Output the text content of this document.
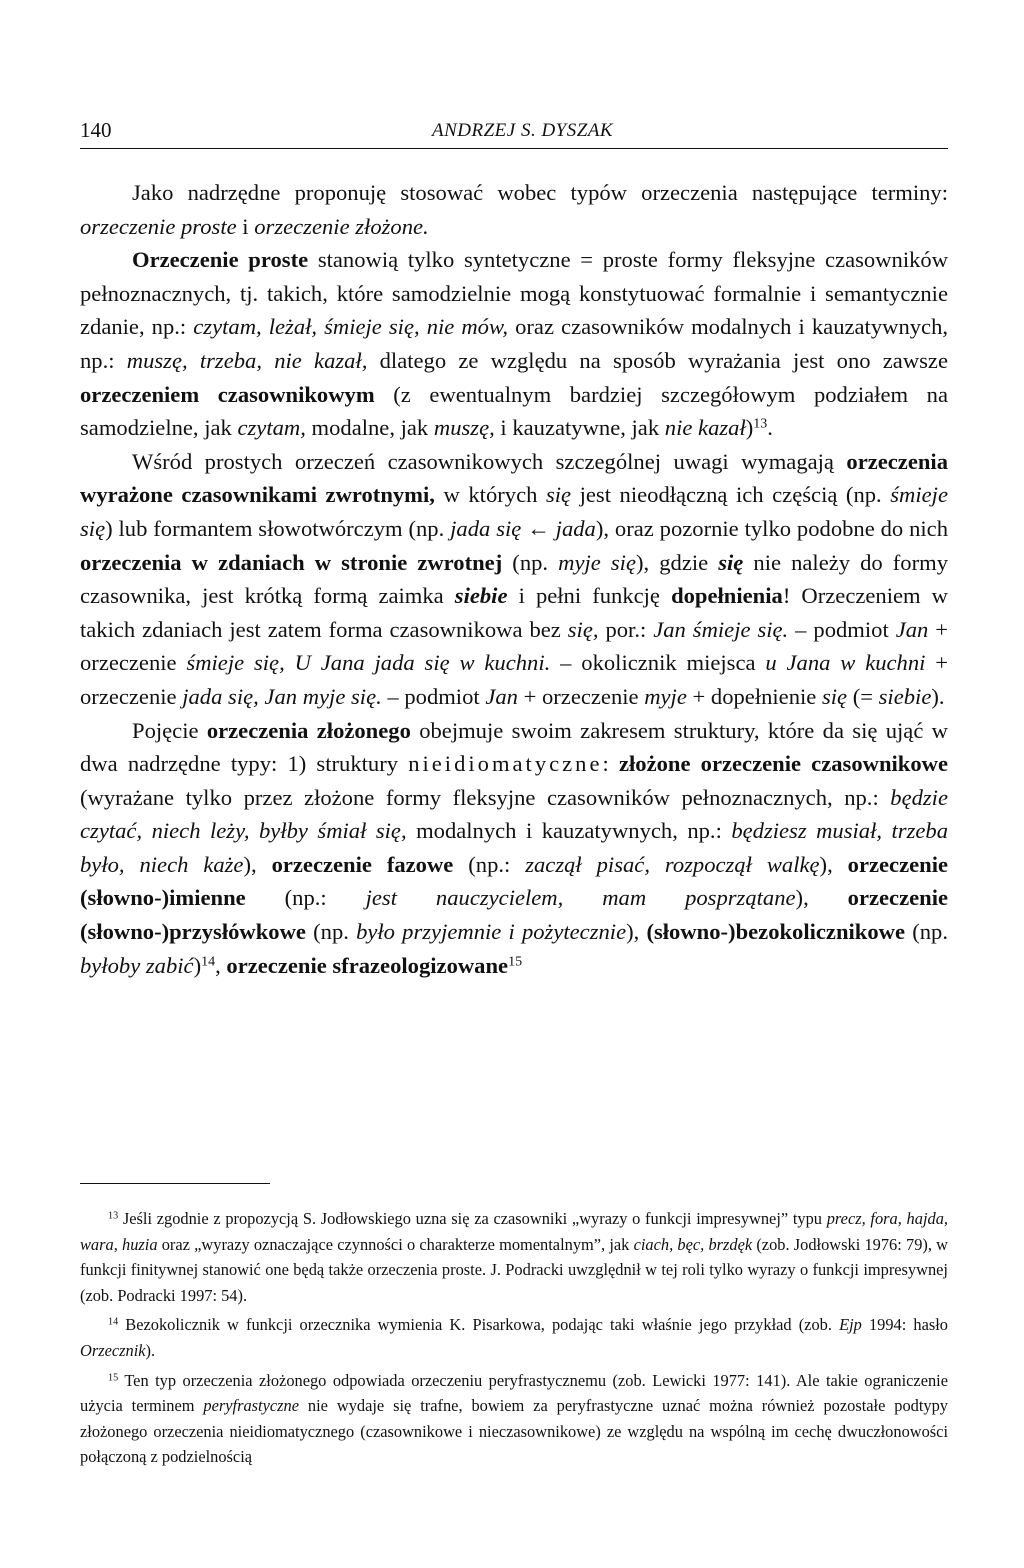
140	ANDRZEJ S. DYSZAK

Jako nadrzędne proponuję stosować wobec typów orzeczenia następujące terminy: orzeczenie proste i orzeczenie złożone.

Orzeczenie proste stanowią tylko syntetyczne = proste formy fleksyjne czasowników pełnoznacznych, tj. takich, które samodzielnie mogą konstytuować formalnie i semantycznie zdanie, np.: czytam, leżał, śmieje się, nie mów, oraz czasowników modalnych i kauzatywnych, np.: muszę, trzeba, nie kazał, dlatego ze względu na sposób wyrażania jest ono zawsze orzeczeniem czasownikowym (z ewentualnym bardziej szczegółowym podziałem na samodzielne, jak czytam, modalne, jak muszę, i kauzatywne, jak nie kazał)$^{13}$.

Wśród prostych orzeczeń czasownikowych szczególnej uwagi wymagają orzeczenia wyrażone czasownikami zwrotnymi, w których się jest nieodłączną ich częścią (np. śmieje się) lub formantem słowotwórczym (np. jada się ← jada), oraz pozornie tylko podobne do nich orzeczenia w zdaniach w stronie zwrotnej (np. myje się), gdzie się nie należy do formy czasownika, jest krótką formą zaimka siebie i pełni funkcję dopełnienia! Orzeczeniem w takich zdaniach jest zatem forma czasownikowa bez się, por.: Jan śmieje się. – podmiot Jan + orzeczenie śmieje się, U Jana jada się w kuchni. – okolicznik miejsca u Jana w kuchni + orzeczenie jada się, Jan myje się. – podmiot Jan + orzeczenie myje + dopełnienie się (= siebie).

Pojęcie orzeczenia złożonego obejmuje swoim zakresem struktury, które da się ująć w dwa nadrzędne typy: 1) struktury nieidiomatyczne: złożone orzeczenie czasownikowe (wyrażane tylko przez złożone formy fleksyjne czasowników pełnoznacznych, np.: będzie czytać, niech leży, byłby śmiał się, modalnych i kauzatywnych, np.: będziesz musiał, trzeba było, niech każe), orzeczenie fazowe (np.: zaczął pisać, rozpoczął walkę), orzeczenie (słowno-)imienne (np.: jest nauczycielem, mam posprzątane), orzeczenie (słowno-)przysłówkowe (np. było przyjemnie i pożytecznie), (słowno-)bezokolicznikowe (np. byłoby zabić)$^{14}$, orzeczenie sfrazeologizowane$^{15}$

$^{13}$ Jeśli zgodnie z propozycją S. Jodłowskiego uzna się za czasowniki „wyrazy o funkcji impresywnej” typu precz, fora, hajda, wara, huzia oraz „wyrazy oznaczające czynności o charakterze momentalnym”, jak ciach, bęc, brzdęk (zob. Jodłowski 1976: 79), w funkcji finitywnej stanowić one będą także orzeczenia proste. J. Podracki uwzględnił w tej roli tylko wyrazy o funkcji impresywnej (zob. Podracki 1997: 54).

$^{14}$ Bezokolicznik w funkcji orzecznika wymienia K. Pisarkowa, podając taki właśnie jego przykład (zob. Ejp 1994: hasło Orzecznik).

$^{15}$ Ten typ orzeczenia złożonego odpowiada orzeczeniu peryfrastycznemu (zob. Lewicki 1977: 141). Ale takie ograniczenie użycia terminem peryfrastyczne nie wydaje się trafne, bowiem za peryfrastyczne uznać można również pozostałe podtypy złożonego orzeczenia nieidiomatycznego (czasownikowe i nieczasownikowe) ze względu na wspólną im cechę dwuczłonowości połączoną z podzielnością
